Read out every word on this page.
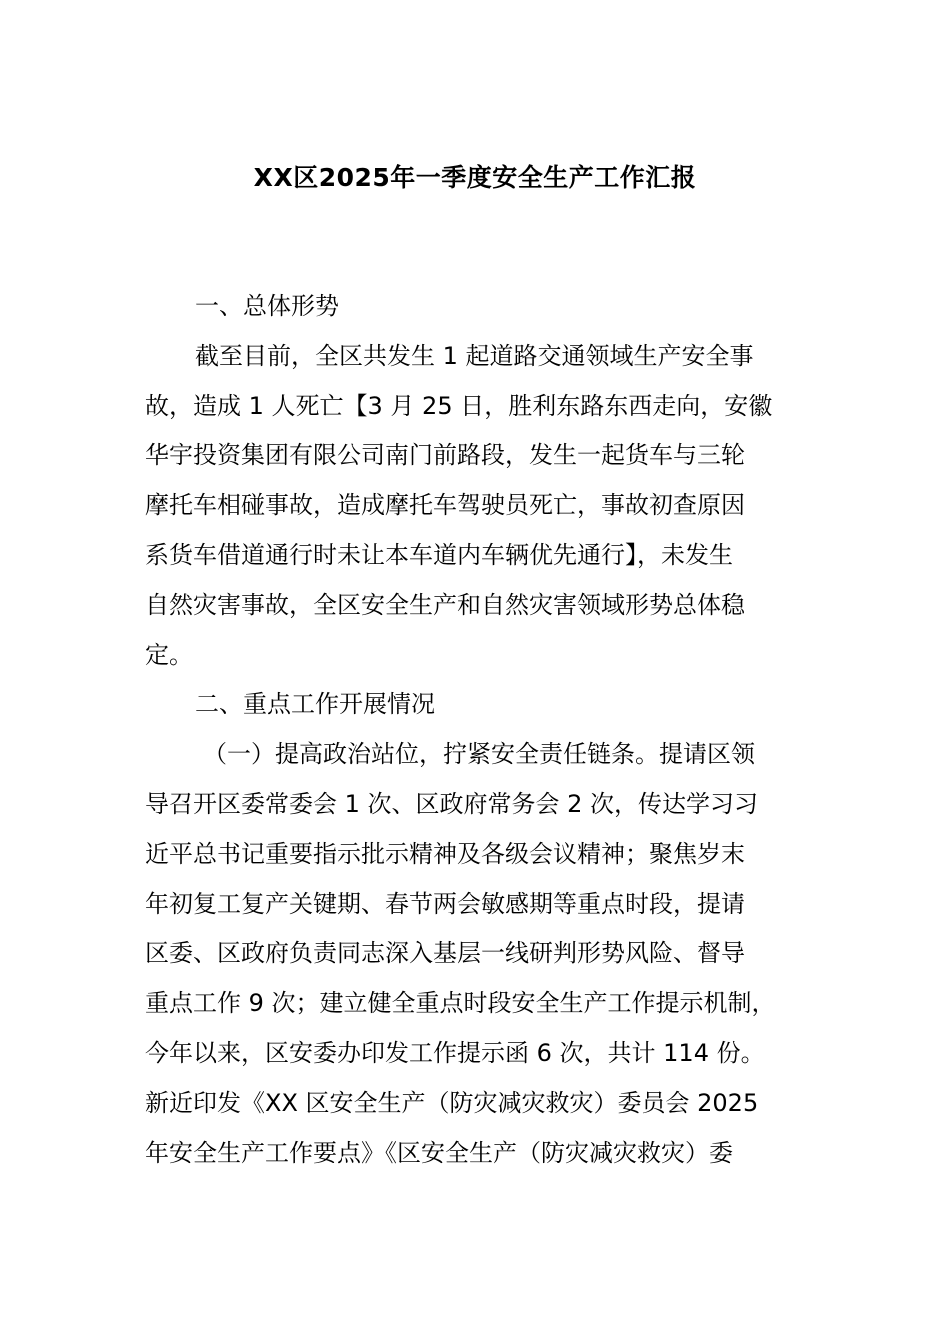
XX区2025年一季度安全生产工作汇报
一、总体形势
截至目前，全区共发生 1 起道路交通领域生产安全事
故，造成 1 人死亡【3 月 25 日，胜利东路东西走向，安徽
华宇投资集团有限公司南门前路段，发生一起货车与三轮
摩托车相碰事故，造成摩托车驾驶员死亡，事故初查原因
系货车借道通行时未让本车道内车辆优先通行】，未发生
自然灾害事故，全区安全生产和自然灾害领域形势总体稳
定。
二、重点工作开展情况
（一）提高政治站位，拧紧安全责任链条。提请区领
导召开区委常委会 1 次、区政府常务会 2 次，传达学习习
近平总书记重要指示批示精神及各级会议精神；聚焦岁末
年初复工复产关键期、春节两会敏感期等重点时段，提请
区委、区政府负责同志深入基层一线研判形势风险、督导
重点工作 9 次；建立健全重点时段安全生产工作提示机制，
今年以来，区安委办印发工作提示函 6 次，共计 114 份。
新近印发《XX 区安全生产（防灾减灾救灾）委员会 2025
年安全生产工作要点》《区安全生产（防灾减灾救灾）委
